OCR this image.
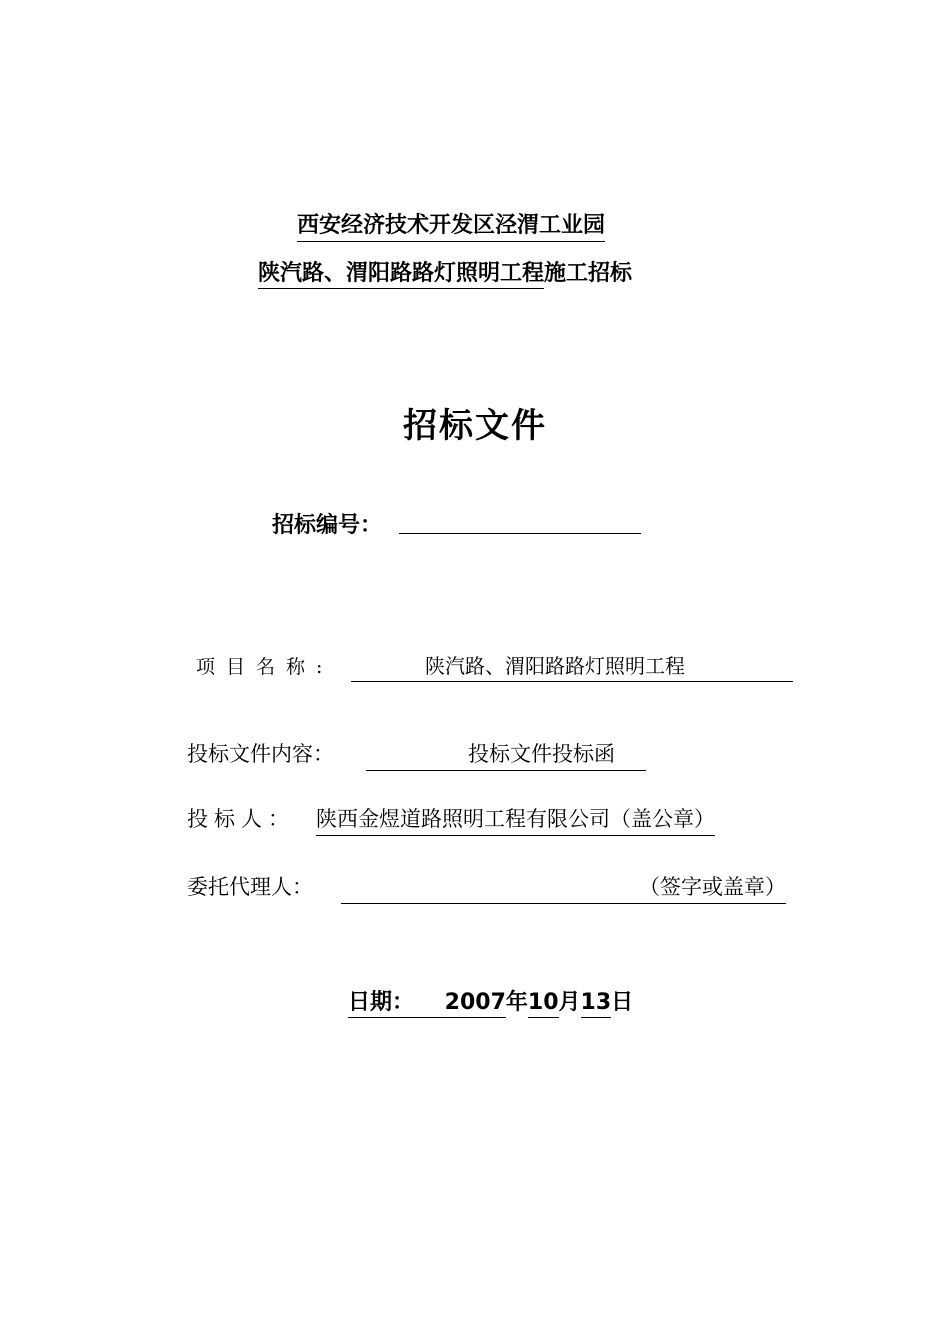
西安经济技术开发区泾渭工业园
陕汽路、渭阳路路灯照明工程施工招标
招标文件
招标编号：
项目名称:	陕汽路、渭阳路路灯照明工程
投标文件内容：	投标文件投标函
投标人： 陕西金煜道路照明工程有限公司（盖公章）
委托代理人：	（签字或盖章）
日期： 2007年10月13日
